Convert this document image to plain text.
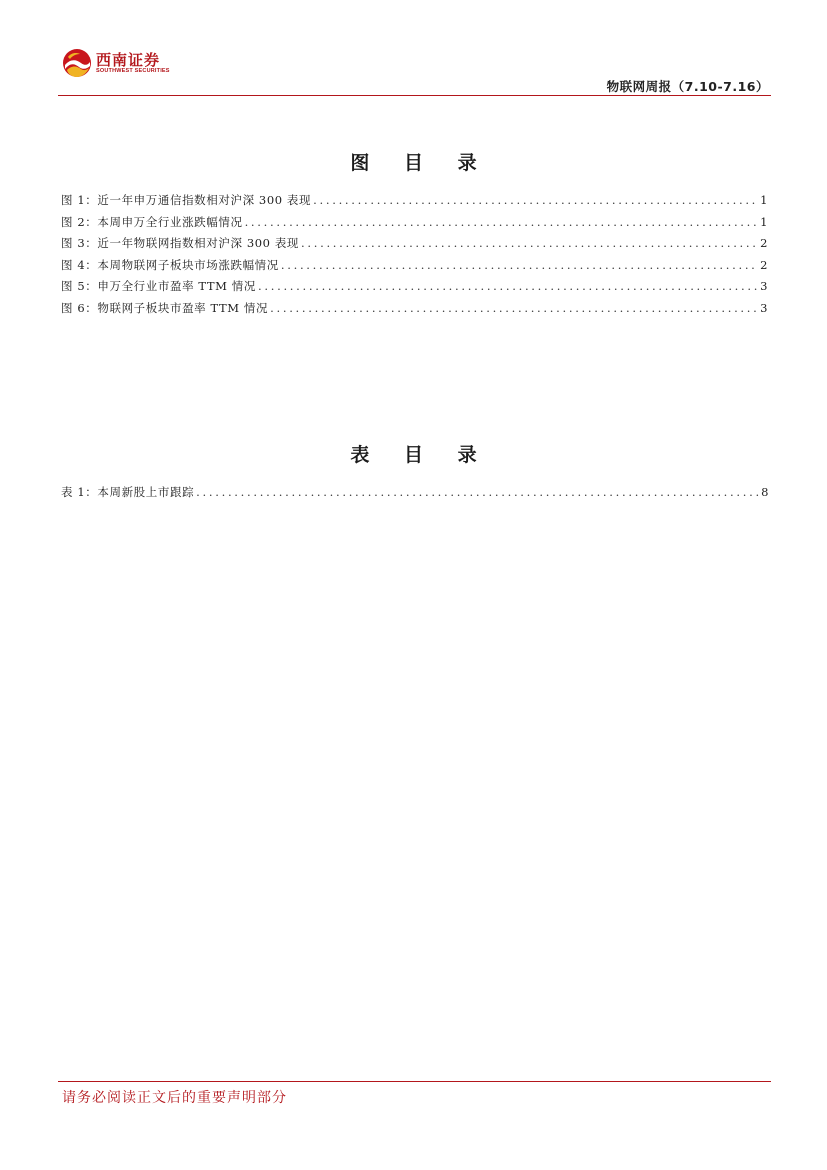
西南证券
SOUTHWEST SECURITIES
物联网周报（7.10-7.16）
图 目 录
图 1：近一年申万通信指数相对沪深 300 表现 .....	1
图 2：本周申万全行业涨跌幅情况 .....	1
图 3：近一年物联网指数相对沪深 300 表现 .....	2
图 4：本周物联网子板块市场涨跌幅情况 .....	2
图 5：申万全行业市盈率 TTM 情况 .....	3
图 6：物联网子板块市盈率 TTM 情况 .....	3
表 目 录
表 1：本周新股上市跟踪 .....	8
请务必阅读正文后的重要声明部分
